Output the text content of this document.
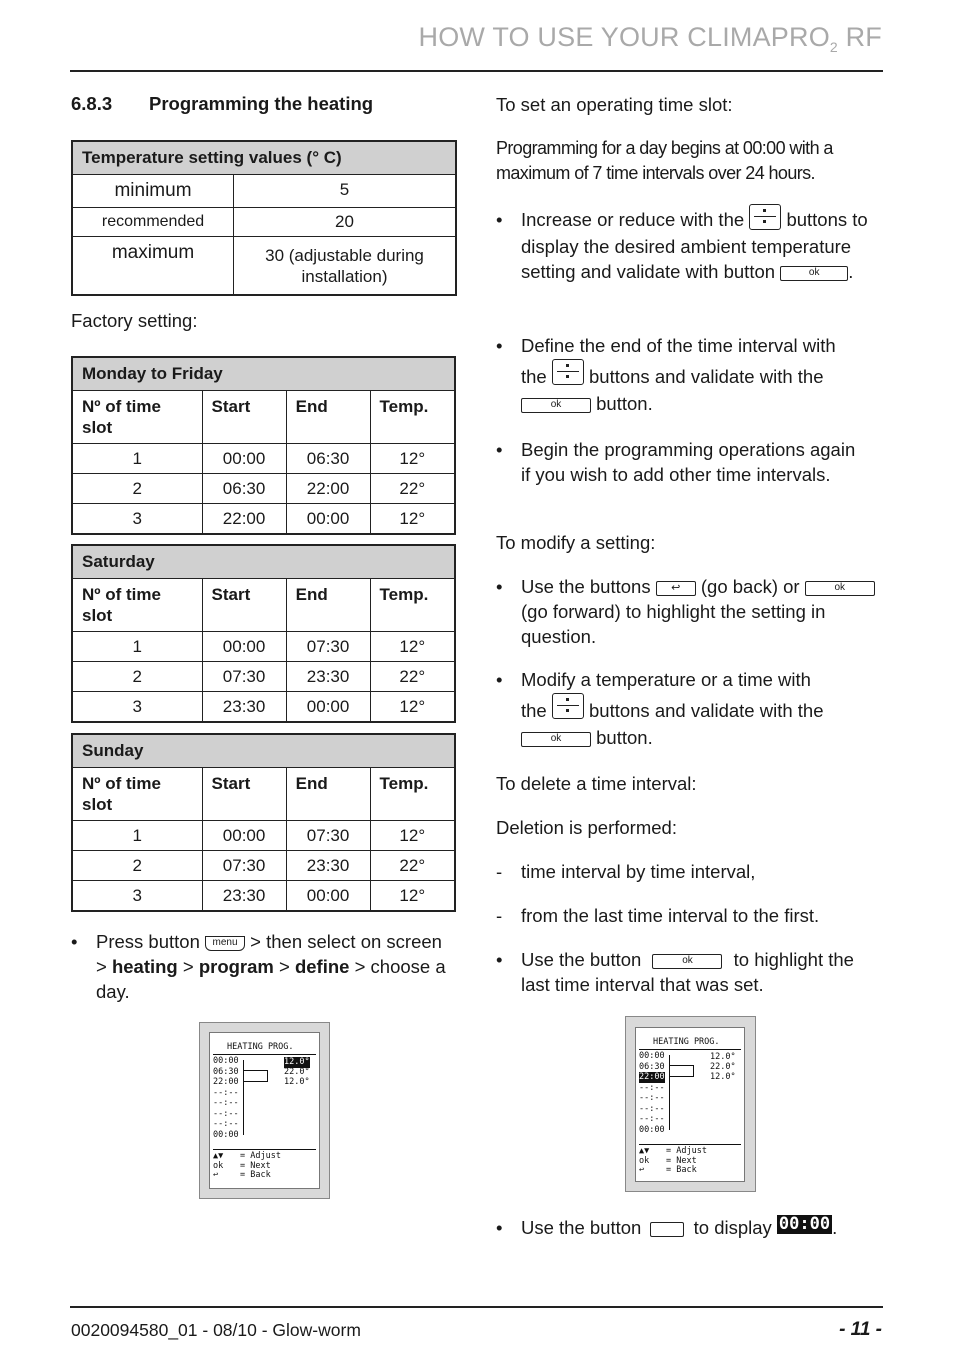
HOW TO USE YOUR $CLIMAPRO_2$ RF
6.8.3 Programming the heating
Temperature setting values (° C)	
minimum	5
recommended	20
maximum	30 (adjustable during installation)
Factory setting:
Monday to Friday			
Nº of time slot	Start	End	Temp.
1	00:00	06:30	12°
2	06:30	22:00	22°
3	22:00	00:00	12°
Saturday			
Nº of time slot	Start	End	Temp.
1	00:00	07:30	12°
2	07:30	23:30	22°
3	23:30	00:00	12°
Sunday			
Nº of time slot	Start	End	Temp.
1	00:00	07:30	12°
2	07:30	23:30	22°
3	23:30	00:00	12°
• Press button menu > then select on screen > heating > program > define > choose a day.
HEATING PROG.
00:00
06:30
22:00
--:--
--:--
--:--
--:--
00:00
12.0°
22.0°
12.0°
▲▼ = Adjust
ok = Next
↩	= Back
HEATING PROG.
00:00
06:30
22:00
--:--
--:--
--:--
--:--
00:00
12.0°
22.0°
12.0°
▲▼ = Adjust
ok = Next
↩	= Back
To set an operating time slot:
Programming for a day begins at 00:00 with a maximum of 7 time intervals over 24 hours.
• Increase or reduce with the buttons to display the desired ambient temperature setting and validate with button	ok .
• Define the end of the time interval with
the buttons and validate with the
ok button.
• Begin the programming operations again if you wish to add other time intervals.
To modify a setting:
• Use the buttons ↩ (go back) or	ok (go forward) to highlight the setting in question.
• Modify a temperature or a time with
the buttons and validate with the
ok button.
To delete a time interval:
Deletion is performed:
- time interval by time interval,
- from the last time interval to the first.
• Use the button	ok to highlight the last time interval that was set.
• Use the button	to display 00:00 .
0020094580_01 - 08/10 - Glow-worm	- 11 -
